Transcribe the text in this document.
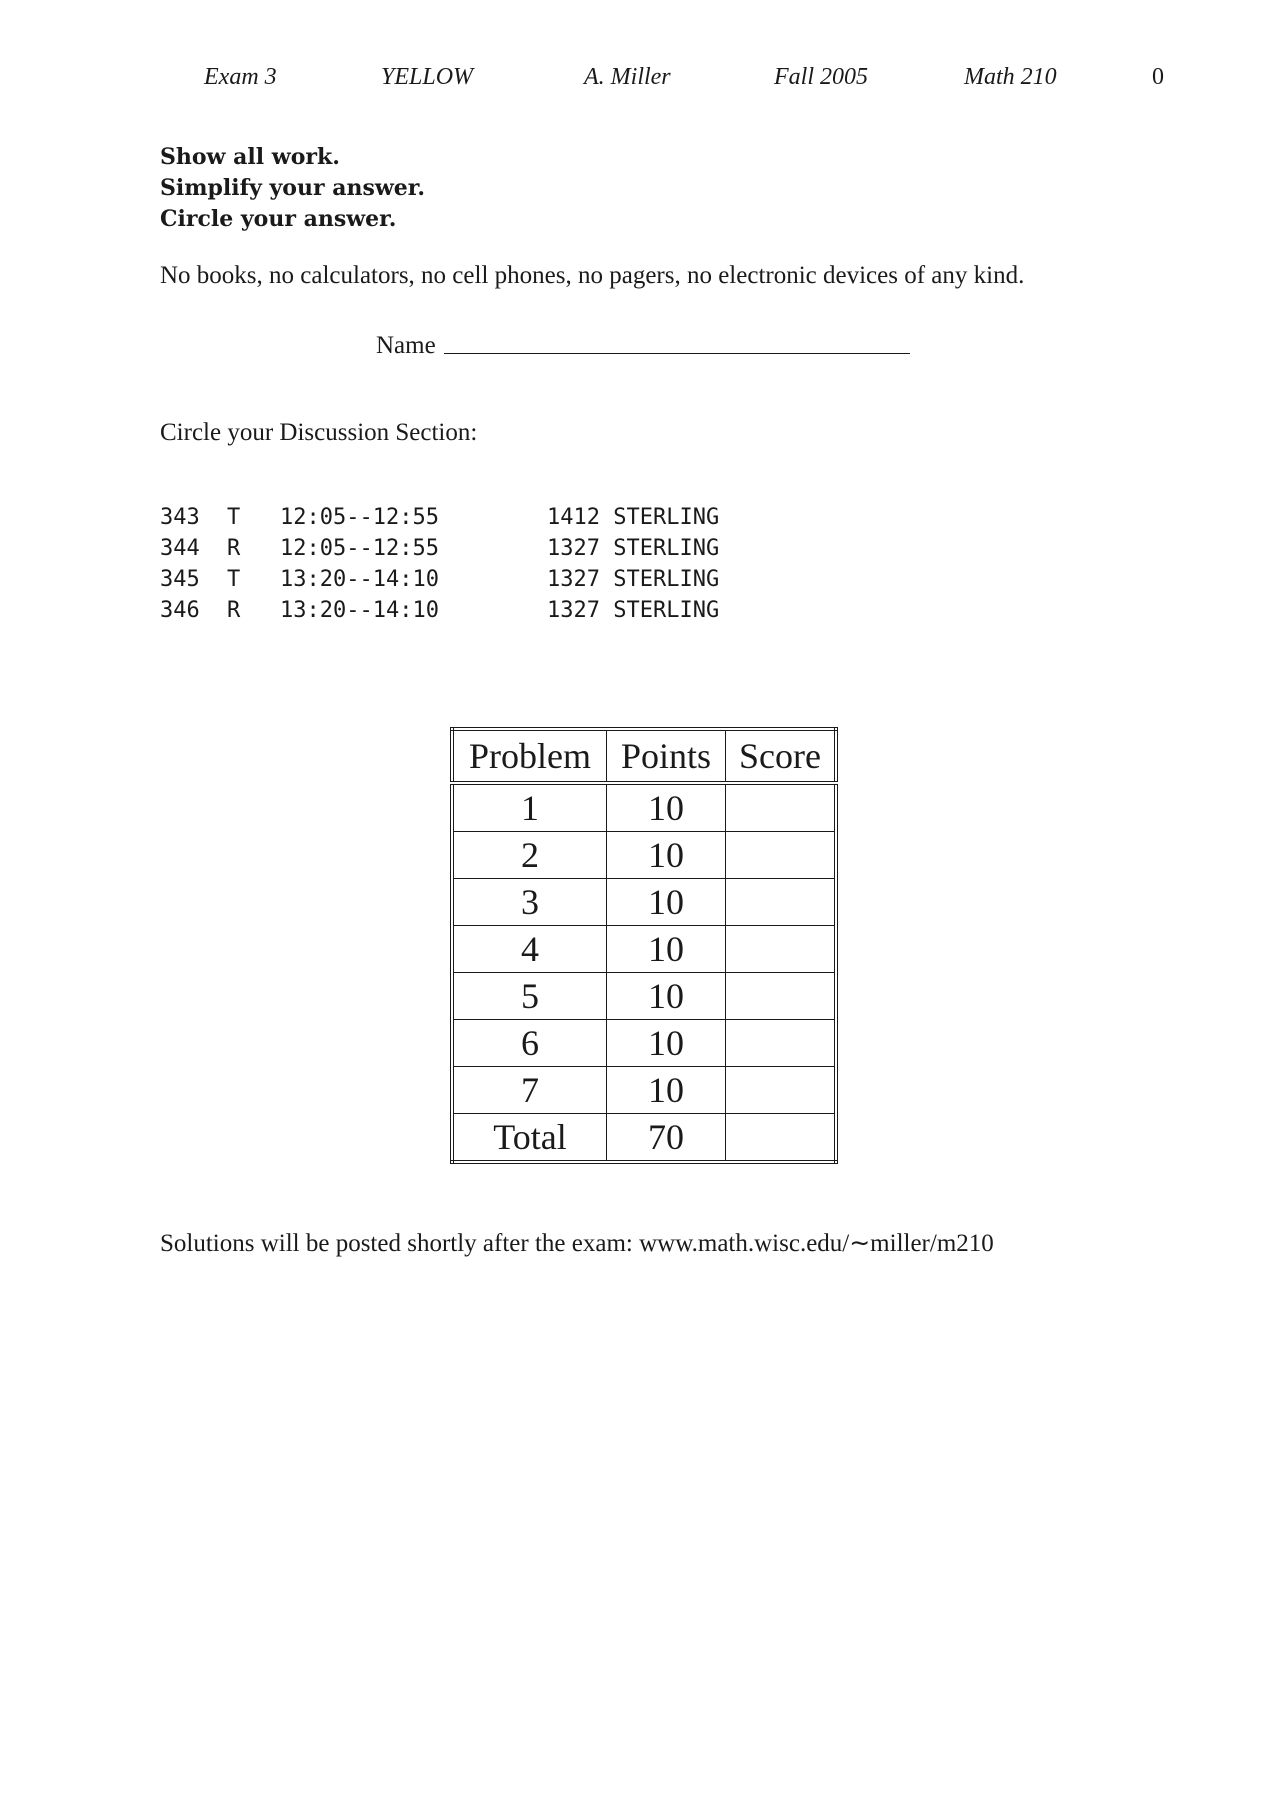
Exam 3	YELLOW	A. Miller	Fall 2005	Math 210	0
Show all work.
Simplify your answer.
Circle your answer.
No books, no calculators, no cell phones, no pagers, no electronic devices of any kind.
Name
Circle your Discussion Section:
343 T 12:05--12:55	1412 STERLING
344 R 12:05--12:55	1327 STERLING
345 T 13:20--14:10	1327 STERLING
346 R 13:20--14:10	1327 STERLING
Problem	Points	Score
1	10	
2	10	
3	10	
4	10	
5	10	
6	10	
7	10	
Total	70	
Solutions will be posted shortly after the exam: www.math.wisc.edu/∼miller/m210
